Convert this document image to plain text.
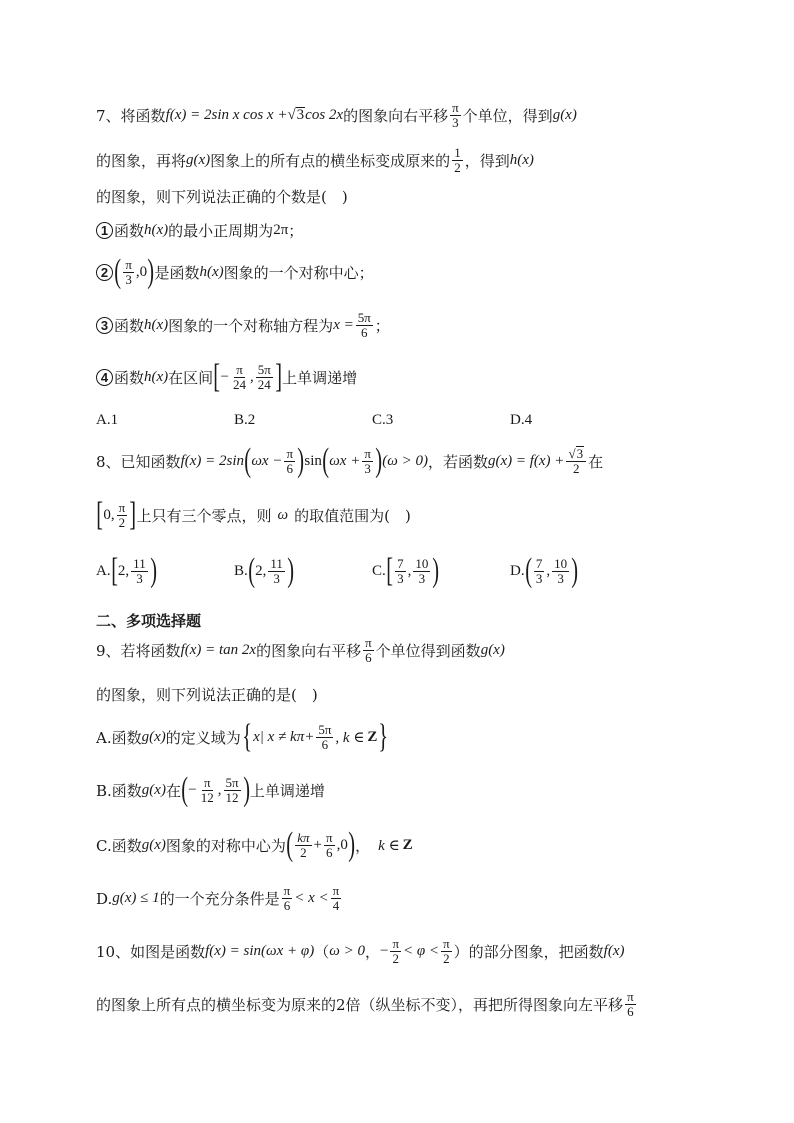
7、 将函数 f(x) = 2sin x cos x + √ 3 cos 2x 的图象向右平移 $\frac{\pi}{3}$ 个单位，得到 g(x)
的图象，再将 g(x) 图象上的所有点的横坐标变成原来的 $\frac{1}{2}$ ，得到 h(x)
的图象，则下列说法正确的个数是(　)
1 函数 h(x) 的最小正周期为 2π ；
2 ( $\frac{\pi}{3} ,0$ ) 是函数 h(x) 图象的一个对称中心；
3 函数 h(x) 图象的一个对称轴方程为 $x = \frac{5\pi}{6}$ ；
4 函数 h(x) 在区间 [ − $\frac{\pi}{24}$ , $\frac{5\pi}{24}$ ] 上单调递增
A.1	B.2	C.3	D.4
8、 已知函数 f(x) = 2sin ( $\omega x - \frac{\pi}{6}$ ) sin ( $\omega x + \frac{\pi}{3}$ ) (ω > 0) ，若函数 $g(x) = f(x) + \frac{√ 3}{2}$ 在
[ 0, $\frac{\pi}{2}$ ] 上只有三个零点，则 ω 的取值范围为(　)
A. [ 2, $\frac{11}{3}$ )	B. ( 2, $\frac{11}{3}$ )	C. [ $\frac{7}{3}$ , $\frac{10}{3}$ )	D. ( $\frac{7}{3}$ , $\frac{10}{3}$ )
二、多项选择题
9、 若将函数 f(x) = tan 2x 的图象向右平移 $\frac{\pi}{6}$ 个单位得到函数 g(x)
的图象，则下列说法正确的是(　)
A.函数 g(x) 的定义域为 { x| $x \ne k\pi+ \frac{5\pi}{6}$ , k ∈ Z }
B.函数 g(x) 在 ( − $\frac{\pi}{12}$ , $\frac{5\pi}{12}$ ) 上单调递增
C.函数 g(x) 图象的对称中心为 ( $\frac{k\pi}{2} + \frac{\pi}{6} ,0$ ) ， k ∈ Z
D. g(x) ≤ 1 的一个充分条件是 $\frac{\pi}{6} < x < \frac{\pi}{4}$
10、 如图是函数 f(x) = sin(ωx + φ) （ ω > 0 ， − $\frac{\pi}{2} < \varphi < \frac{\pi}{2}$ ）的部分图象，把函数 f(x)
的图象上所有点的横坐标变为原来的2倍（纵坐标不变），再把所得图象向左平移 $\frac{\pi}{6}$
